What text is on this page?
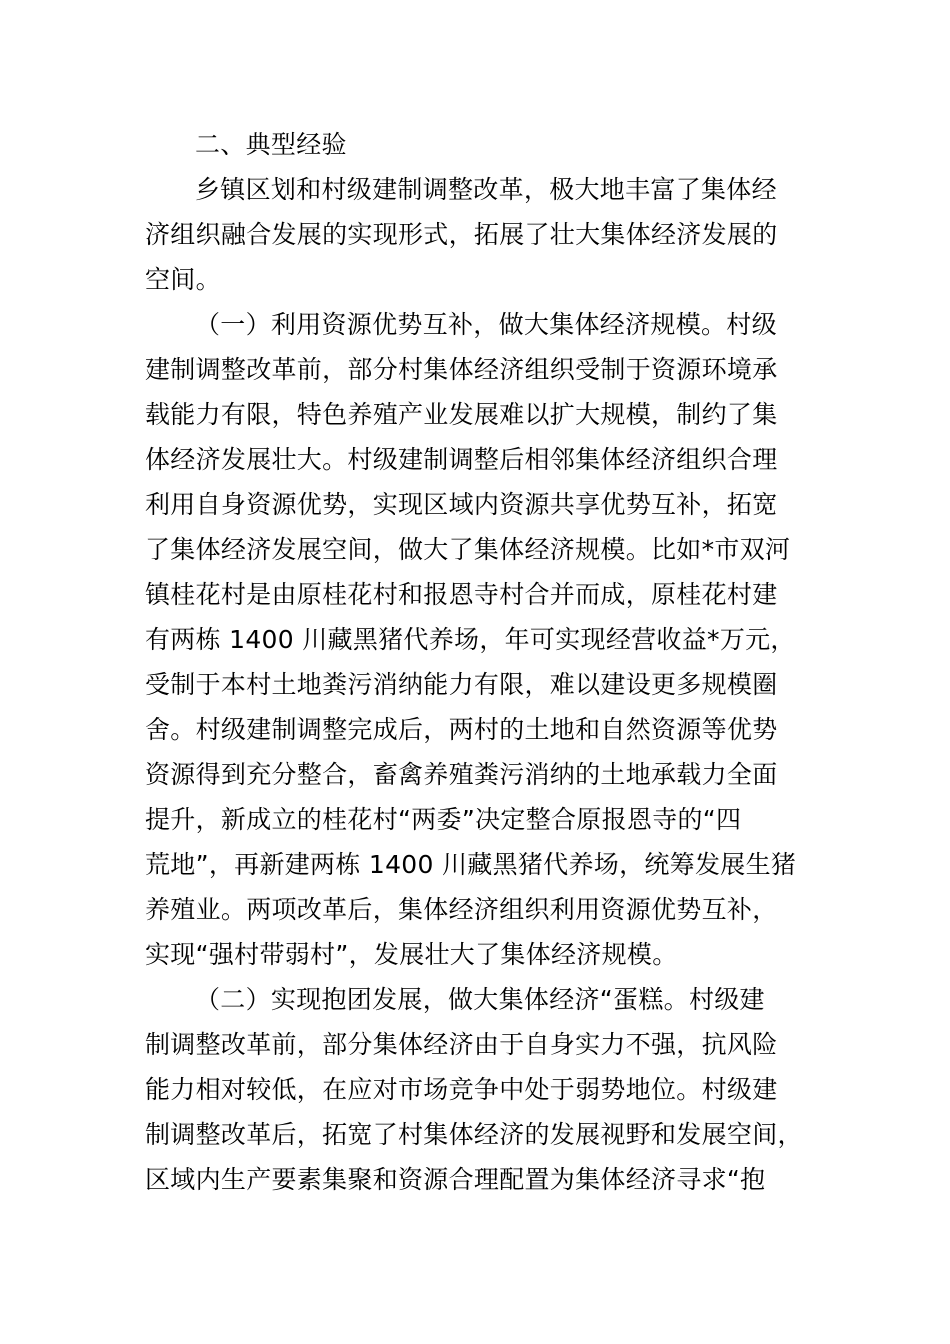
二、典型经验
乡镇区划和村级建制调整改革，极大地丰富了集体经
济组织融合发展的实现形式，拓展了壮大集体经济发展的
空间。
（一）利用资源优势互补，做大集体经济规模。村级
建制调整改革前，部分村集体经济组织受制于资源环境承
载能力有限，特色养殖产业发展难以扩大规模，制约了集
体经济发展壮大。村级建制调整后相邻集体经济组织合理
利用自身资源优势，实现区域内资源共享优势互补，拓宽
了集体经济发展空间，做大了集体经济规模。比如*市双河
镇桂花村是由原桂花村和报恩寺村合并而成，原桂花村建
有两栋 1400 川藏黑猪代养场，年可实现经营收益*万元，
受制于本村土地粪污消纳能力有限，难以建设更多规模圈
舍。村级建制调整完成后，两村的土地和自然资源等优势
资源得到充分整合，畜禽养殖粪污消纳的土地承载力全面
提升，新成立的桂花村“两委”决定整合原报恩寺的“四
荒地”，再新建两栋 1400 川藏黑猪代养场，统筹发展生猪
养殖业。两项改革后，集体经济组织利用资源优势互补，
实现“强村带弱村”，发展壮大了集体经济规模。
（二）实现抱团发展，做大集体经济“蛋糕。村级建
制调整改革前，部分集体经济由于自身实力不强，抗风险
能力相对较低，在应对市场竞争中处于弱势地位。村级建
制调整改革后，拓宽了村集体经济的发展视野和发展空间，
区域内生产要素集聚和资源合理配置为集体经济寻求“抱
